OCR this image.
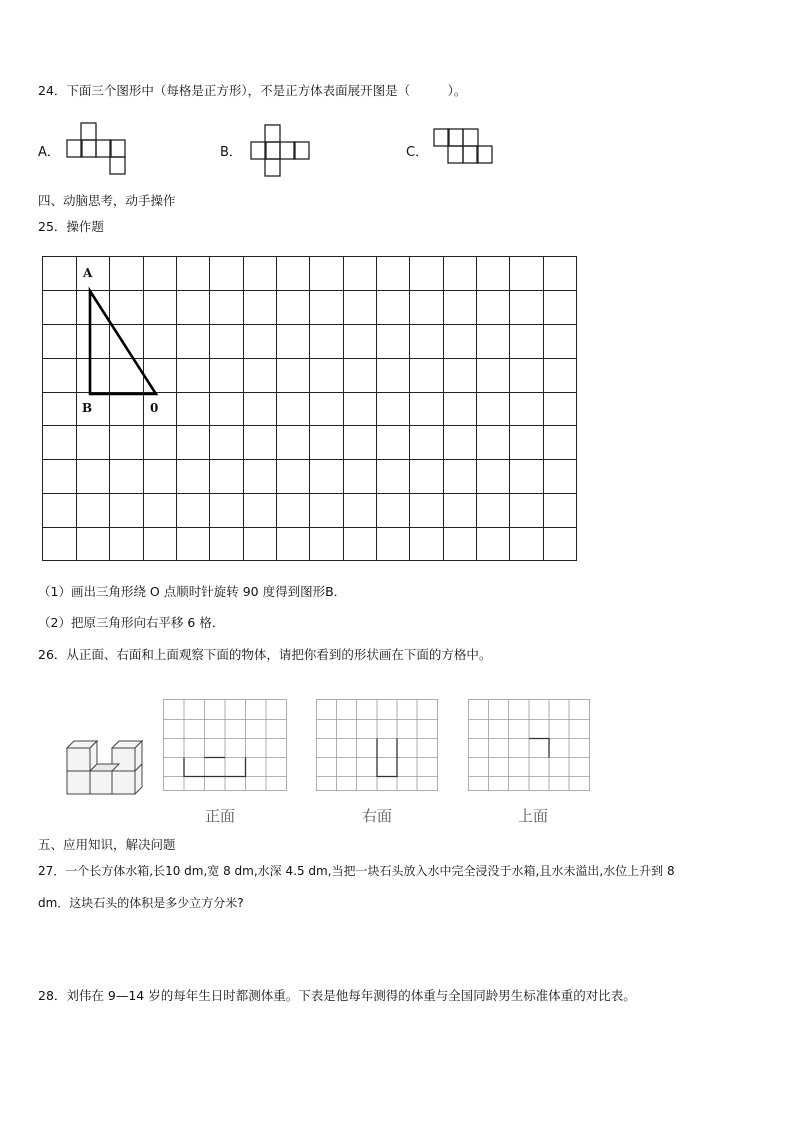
24．下面三个图形中（每格是正方形），不是正方体表面展开图是（　　　）。
A．	B．	C．
四、动脑思考，动手操作
25．操作题
A
B	0
（1）画出三角形绕 O 点顺时针旋转 90 度得到图形B．
（2）把原三角形向右平移 6 格．
26．从正面、右面和上面观察下面的物体，请把你看到的形状画在下面的方格中。
正面	右面	上面
五、应用知识，解决问题
27．一个长方体水箱,长10 dm,宽 8 dm,水深 4.5 dm,当把一块石头放入水中完全浸没于水箱,且水未溢出,水位上升到 8
dm．这块石头的体积是多少立方分米?
28．刘伟在 9—14 岁的每年生日时都测体重。下表是他每年测得的体重与全国同龄男生标准体重的对比表。
